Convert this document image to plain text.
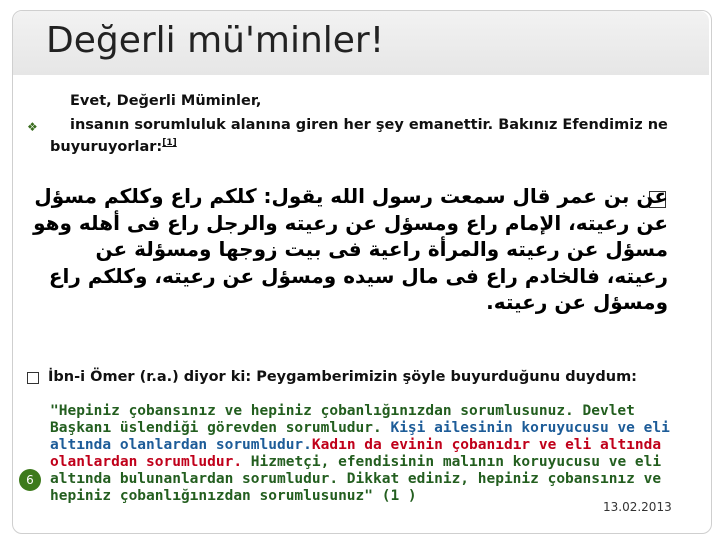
Değerli mü'minler!
Evet, Değerli Müminler,
❖	insanın sorumluluk alanına giren her şey emanettir. Bakınız Efendimiz ne buyuruyorlar:[1]
عن بن عمر قال سمعت رسول الله يقول: كلكم راع وكلكم مسؤل عن رعيته، الإمام راع ومسؤل عن رعيته والرجل راع فى أهله وهو مسؤل عن رعيته والمرأة راعية فى بيت زوجها ومسؤلة عن رعيته، فالخادم راع فى مال سيده ومسؤل عن رعيته، وكلكم راع ومسؤل عن رعيته.
İbn-i Ömer (r.a.) diyor ki: Peygamberimizin şöyle buyurduğunu duydum:
"Hepiniz çobansınız ve hepiniz çobanlığınızdan sorumlusunuz. Devlet Başkanı üslendiği görevden sorumludur. Kişi ailesinin koruyucusu ve eli altında olanlardan sorumludur.Kadın da evinin çobanıdır ve eli altında olanlardan sorumludur. Hizmetçi, efendisinin malının koruyucusu ve eli altında bulunanlardan sorumludur. Dikkat ediniz, hepiniz çobansınız ve hepiniz çobanlığınızdan sorumlusunuz" (1 )
6
13.02.2013
